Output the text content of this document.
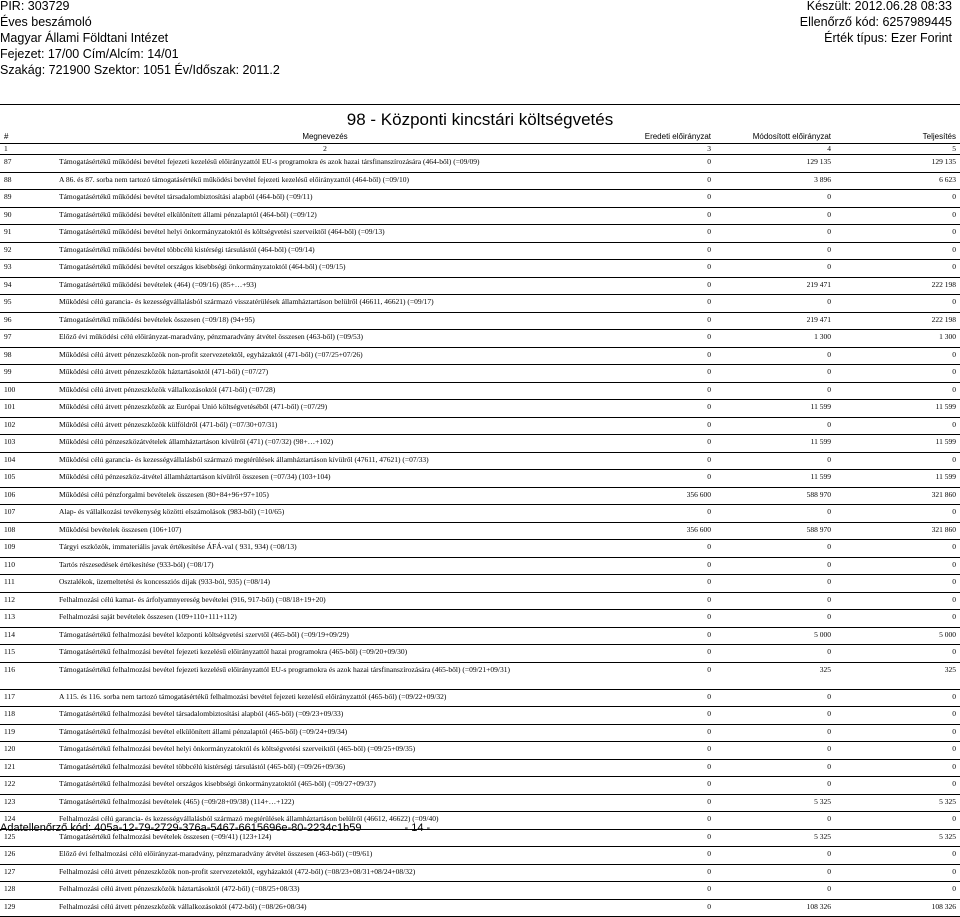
PIR: 303729
Éves beszámoló
Magyar Állami Földtani Intézet
Fejezet: 17/00 Cím/Alcím: 14/01
Szakág: 721900 Szektor: 1051 Év/Időszak: 2011.2
Készült: 2012.06.28 08:33
Ellenőrző kód: 6257989445
Érték típus: Ezer Forint
98 - Központi kincstári költségvetés
#	Megnevezés	Eredeti előirányzat	Módosított előirányzat	Teljesítés
1	2	3	4	5
87	Támogatásértékű működési bevétel fejezeti kezelésű előirányzattól EU-s programokra és azok hazai társfinanszírozására (464-ből) (=09/09)	0	129 135	129 135
88	A 86. és 87. sorba nem tartozó támogatásértékű működési bevétel fejezeti kezelésű előirányzattól (464-ből) (=09/10)	0	3 896	6 623
89	Támogatásértékű működési bevétel társadalombiztosítási alapból (464-ből) (=09/11)	0	0	0
90	Támogatásértékű működési bevétel elkülönített állami pénzalaptól (464-ből) (=09/12)	0	0	0
91	Támogatásértékű működési bevétel helyi önkormányzatoktól és költségvetési szerveiktől (464-ből) (=09/13)	0	0	0
92	Támogatásértékű működési bevétel többcélú kistérségi társulástól (464-ből) (=09/14)	0	0	0
93	Támogatásértékű működési bevétel országos kisebbségi önkormányzatoktól (464-ből) (=09/15)	0	0	0
94	Támogatásértékű működési bevételek (464) (=09/16) (85+…+93)	0	219 471	222 198
95	Működési célú garancia- és kezességvállalásból származó visszatérülések államháztartáson belülről (46611, 46621) (=09/17)	0	0	0
96	Támogatásértékű működési bevételek összesen (=09/18) (94+95)	0	219 471	222 198
97	Előző évi működési célú előirányzat-maradvány, pénzmaradvány átvétel összesen (463-ből) (=09/53)	0	1 300	1 300
98	Működési célú átvett pénzeszközök non-profit szervezetektől, egyházaktól (471-ből) (=07/25+07/26)	0	0	0
99	Működési célú átvett pénzeszközök háztartásoktól (471-ből) (=07/27)	0	0	0
100	Működési célú átvett pénzeszközök vállalkozásoktól (471-ből) (=07/28)	0	0	0
101	Működési célú átvett pénzeszközök az Európai Unió költségvetéséből (471-ből) (=07/29)	0	11 599	11 599
102	Működési célú átvett pénzeszközök külföldről (471-ből) (=07/30+07/31)	0	0	0
103	Működési célú pénzeszközátvételek államháztartáson kívülről (471) (=07/32) (98+…+102)	0	11 599	11 599
104	Működési célú garancia- és kezességvállalásból származó megtérülések államháztartáson kívülről (47611, 47621) (=07/33)	0	0	0
105	Működési célú pénzeszköz-átvétel államháztartáson kívülről összesen (=07/34) (103+104)	0	11 599	11 599
106	Működési célú pénzforgalmi bevételek összesen (80+84+96+97+105)	356 600	588 970	321 860
107	Alap- és vállalkozási tevékenység közötti elszámolások (983-ből) (=10/65)	0	0	0
108	Működési bevételek összesen (106+107)	356 600	588 970	321 860
109	Tárgyi eszközök, immateriális javak értékesítése ÁFÁ-val ( 931, 934) (=08/13)	0	0	0
110	Tartós részesedések értékesítése (933-ból) (=08/17)	0	0	0
111	Osztalékok, üzemeltetési és koncessziós díjak (933-ból, 935) (=08/14)	0	0	0
112	Felhalmozási célú kamat- és árfolyamnyereség bevételei (916, 917-ből) (=08/18+19+20)	0	0	0
113	Felhalmozási saját bevételek összesen (109+110+111+112)	0	0	0
114	Támogatásértékű felhalmozási bevétel központi költségvetési szervtől (465-ből) (=09/19+09/29)	0	5 000	5 000
115	Támogatásértékű felhalmozási bevétel fejezeti kezelésű előirányzattól hazai programokra (465-ből) (=09/20+09/30)	0	0	0
116	Támogatásértékű felhalmozási bevétel fejezeti kezelésű előirányzattól EU-s programokra és azok hazai társfinanszírozására (465-ből) (=09/21+09/31)	0	325	325
117	A 115. és 116. sorba nem tartozó támogatásértékű felhalmozási bevétel fejezeti kezelésű előirányzattól (465-ből) (=09/22+09/32)	0	0	0
118	Támogatásértékű felhalmozási bevétel társadalombiztosítási alapból (465-ből) (=09/23+09/33)	0	0	0
119	Támogatásértékű felhalmozási bevétel elkülönített állami pénzalaptól (465-ből) (=09/24+09/34)	0	0	0
120	Támogatásértékű felhalmozási bevétel helyi önkormányzatoktól és költségvetési szerveiktől (465-ből) (=09/25+09/35)	0	0	0
121	Támogatásértékű felhalmozási bevétel többcélú kistérségi társulástól (465-ből) (=09/26+09/36)	0	0	0
122	Támogatásértékű felhalmozási bevétel országos kisebbségi önkormányzatoktól (465-ből) (=09/27+09/37)	0	0	0
123	Támogatásértékű felhalmozási bevételek (465) (=09/28+09/38) (114+…+122)	0	5 325	5 325
124	Felhalmozási célú garancia- és kezességvállalásból származó megtérülések államháztartáson belülről (46612, 46622) (=09/40)	0	0	0
125	Támogatásértékű felhalmozási bevételek összesen (=09/41) (123+124)	0	5 325	5 325
126	Előző évi felhalmozási célú előirányzat-maradvány, pénzmaradvány átvétel összesen (463-ből) (=09/61)	0	0	0
127	Felhalmozási célú átvett pénzeszközök non-profit szervezetektől, egyházaktól (472-ből) (=08/23+08/31+08/24+08/32)	0	0	0
128	Felhalmozási célú átvett pénzeszközök háztartásoktól (472-ből) (=08/25+08/33)	0	0	0
129	Felhalmozási célú átvett pénzeszközök vállalkozásoktól (472-ből) (=08/26+08/34)	0	108 326	108 326
Adatellenőrző kód: 405a-12-79-2729-376a-5467-6615696e-80-2234c1b59	- 14 -
